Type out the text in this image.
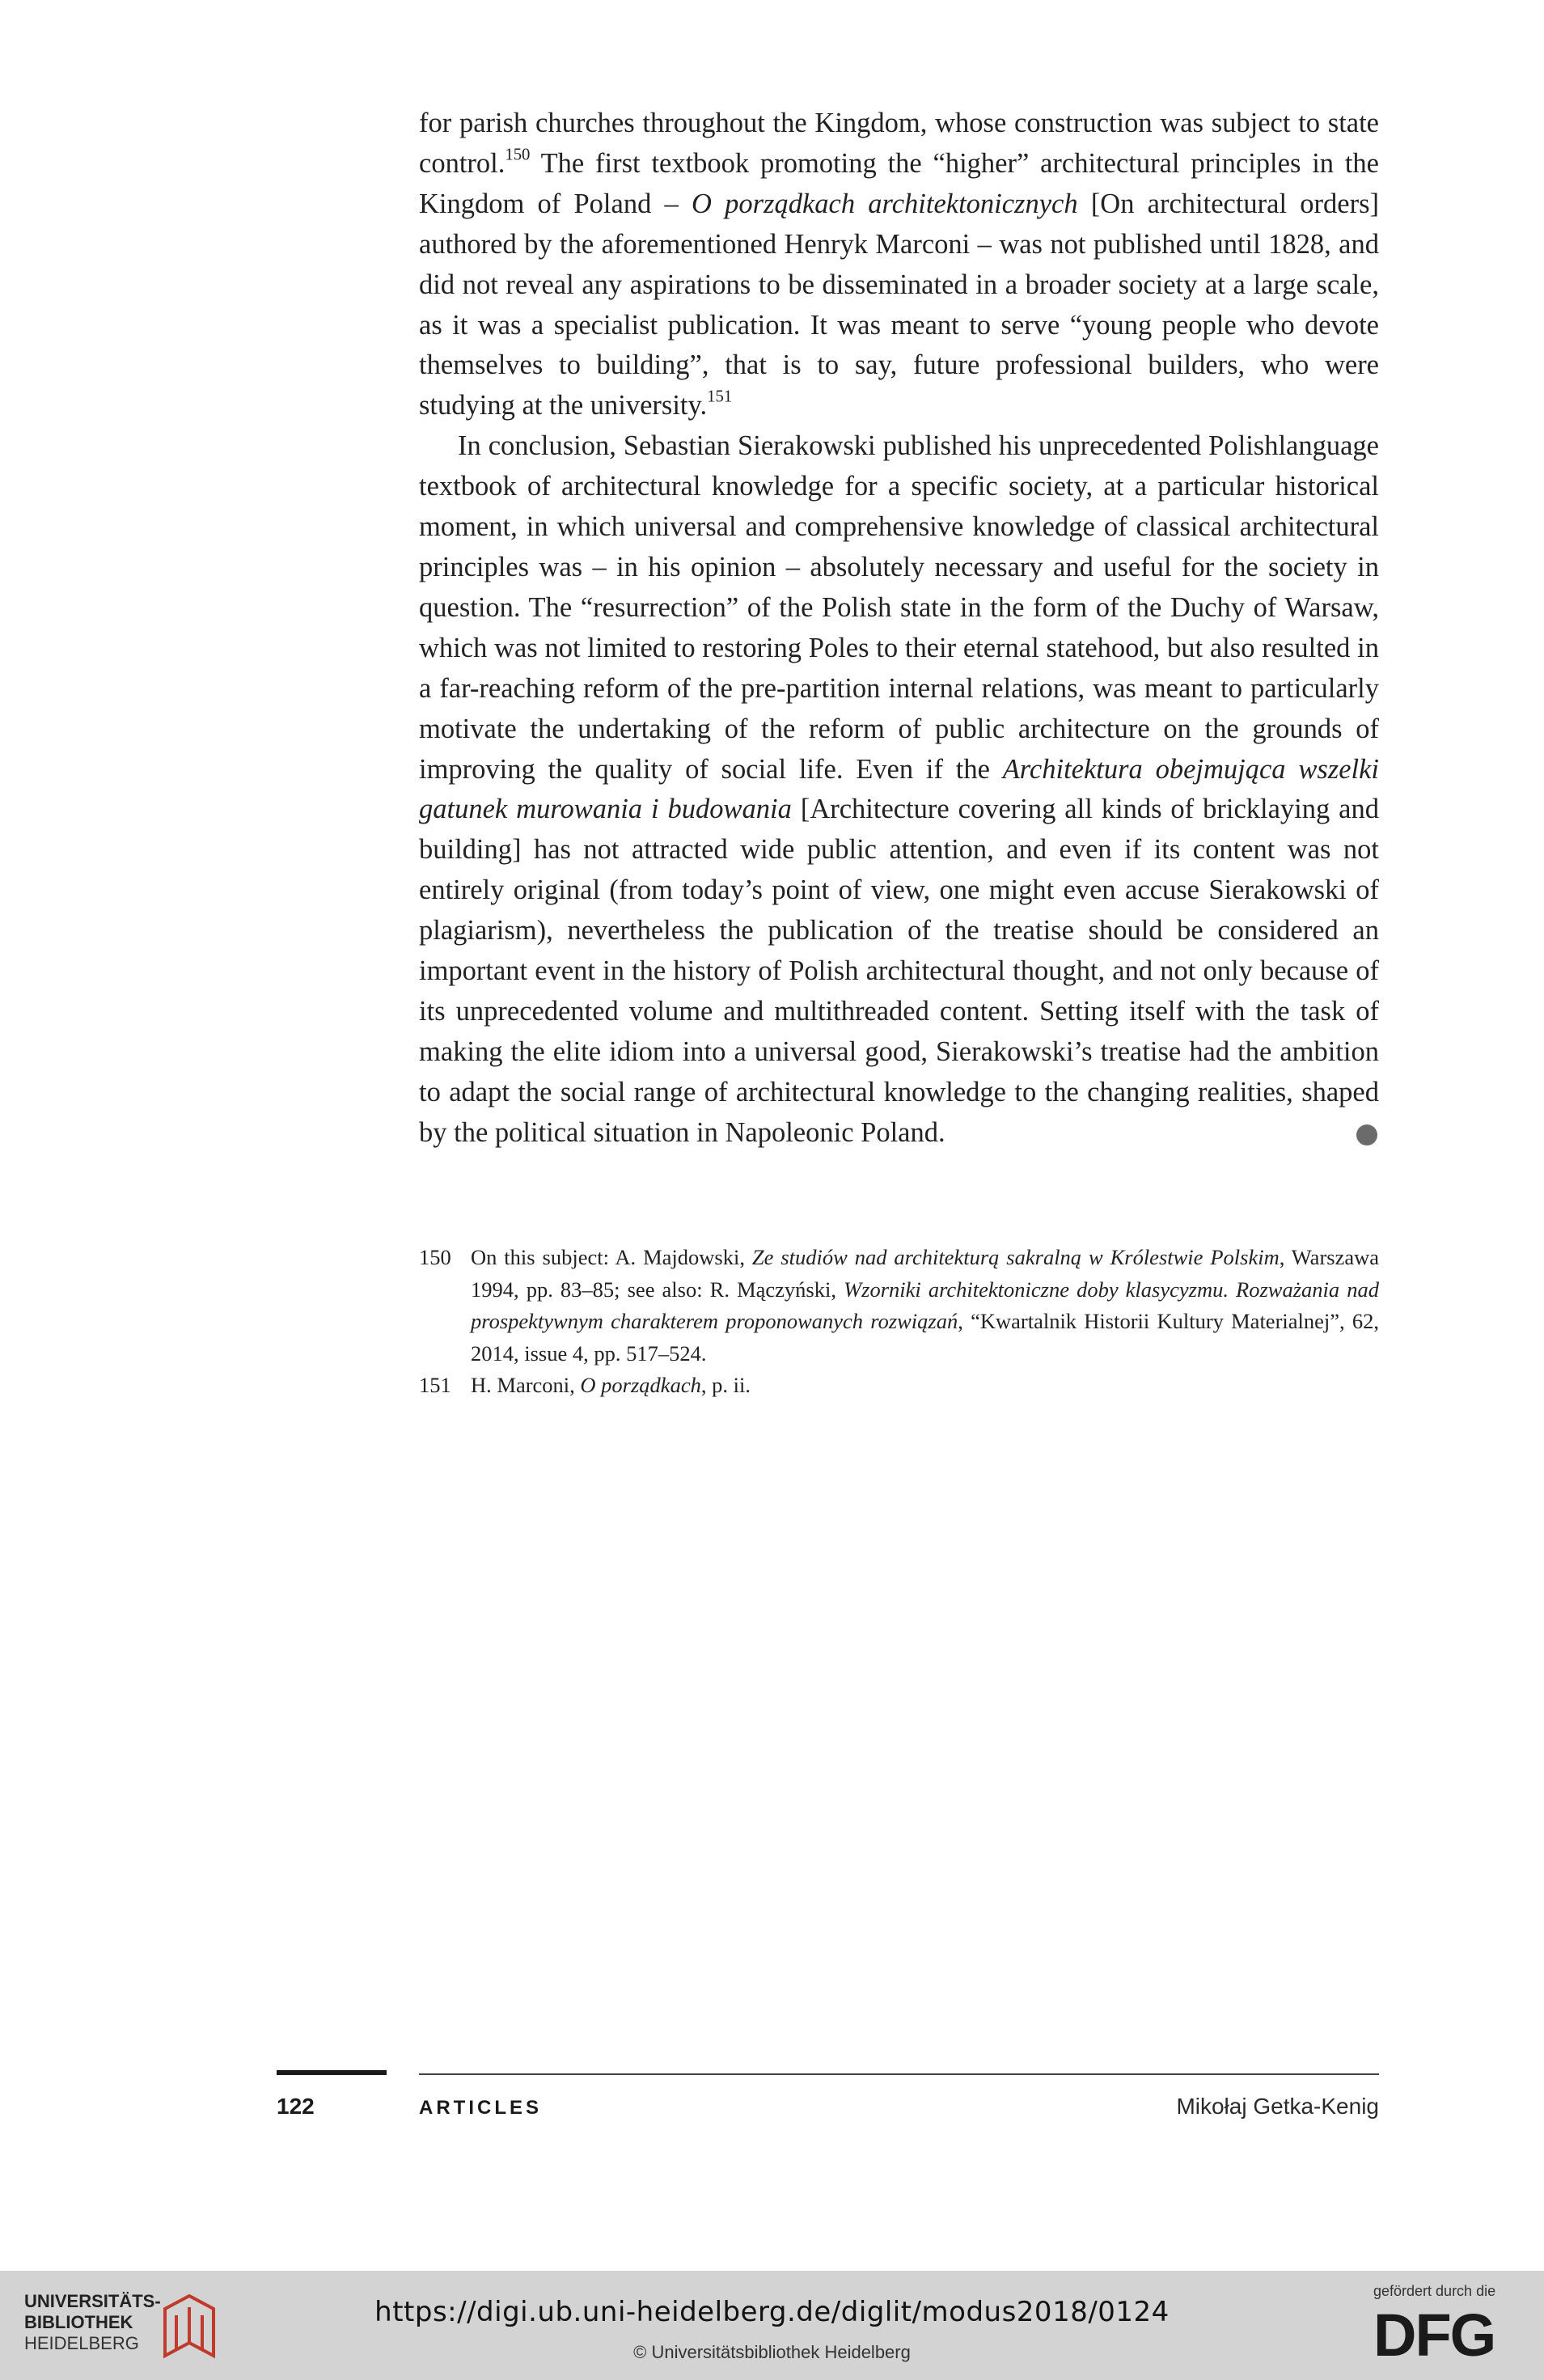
for parish churches throughout the Kingdom, whose construction was subject to state control.$^{150}$ The first textbook promoting the “higher” architectural principles in the Kingdom of Poland – O porządkach architektonicznych [On architectural orders] authored by the aforementioned Henryk Marconi – was not published until 1828, and did not reveal any aspirations to be disseminated in a broader society at a large scale, as it was a specialist publication. It was meant to serve “young people who devote themselves to building”, that is to say, future professional builders, who were studying at the university.$^{151}$

In conclusion, Sebastian Sierakowski published his unprecedented Polishlanguage textbook of architectural knowledge for a specific society, at a particular historical moment, in which universal and comprehensive knowledge of classical architectural principles was – in his opinion – absolutely necessary and useful for the society in question. The “resurrection” of the Polish state in the form of the Duchy of Warsaw, which was not limited to restoring Poles to their eternal statehood, but also resulted in a far-reaching reform of the pre-partition internal relations, was meant to particularly motivate the undertaking of the reform of public architecture on the grounds of improving the quality of social life. Even if the Architektura obejmująca wszelki gatunek murowania i budowania [Architecture covering all kinds of bricklaying and building] has not attracted wide public attention, and even if its content was not entirely original (from today’s point of view, one might even accuse Sierakowski of plagiarism), nevertheless the publication of the treatise should be considered an important event in the history of Polish architectural thought, and not only because of its unprecedented volume and multithreaded content. Setting itself with the task of making the elite idiom into a universal good, Sierakowski’s treatise had the ambition to adapt the social range of architectural knowledge to the changing realities, shaped by the political situation in Napoleonic Poland.

150 On this subject: A. Majdowski, Ze studiów nad architekturą sakralną w Królestwie Polskim, Warszawa 1994, pp. 83–85; see also: R. Mączyński, Wzorniki architektoniczne doby klasycyzmu. Rozważania nad prospektywnym charakterem proponowanych rozwiązań, “Kwartalnik Historii Kultury Materialnej”, 62, 2014, issue 4, pp. 517–524.
151 H. Marconi, O porządkach, p. ii.
122	ARTICLES	Mikołaj Getka-Kenig
UNIVERSITÄTS-
BIBLIOTHEK
HEIDELBERG
https://digi.ub.uni-heidelberg.de/diglit/modus2018/0124
© Universitätsbibliothek Heidelberg
gefördert durch die
DFG
